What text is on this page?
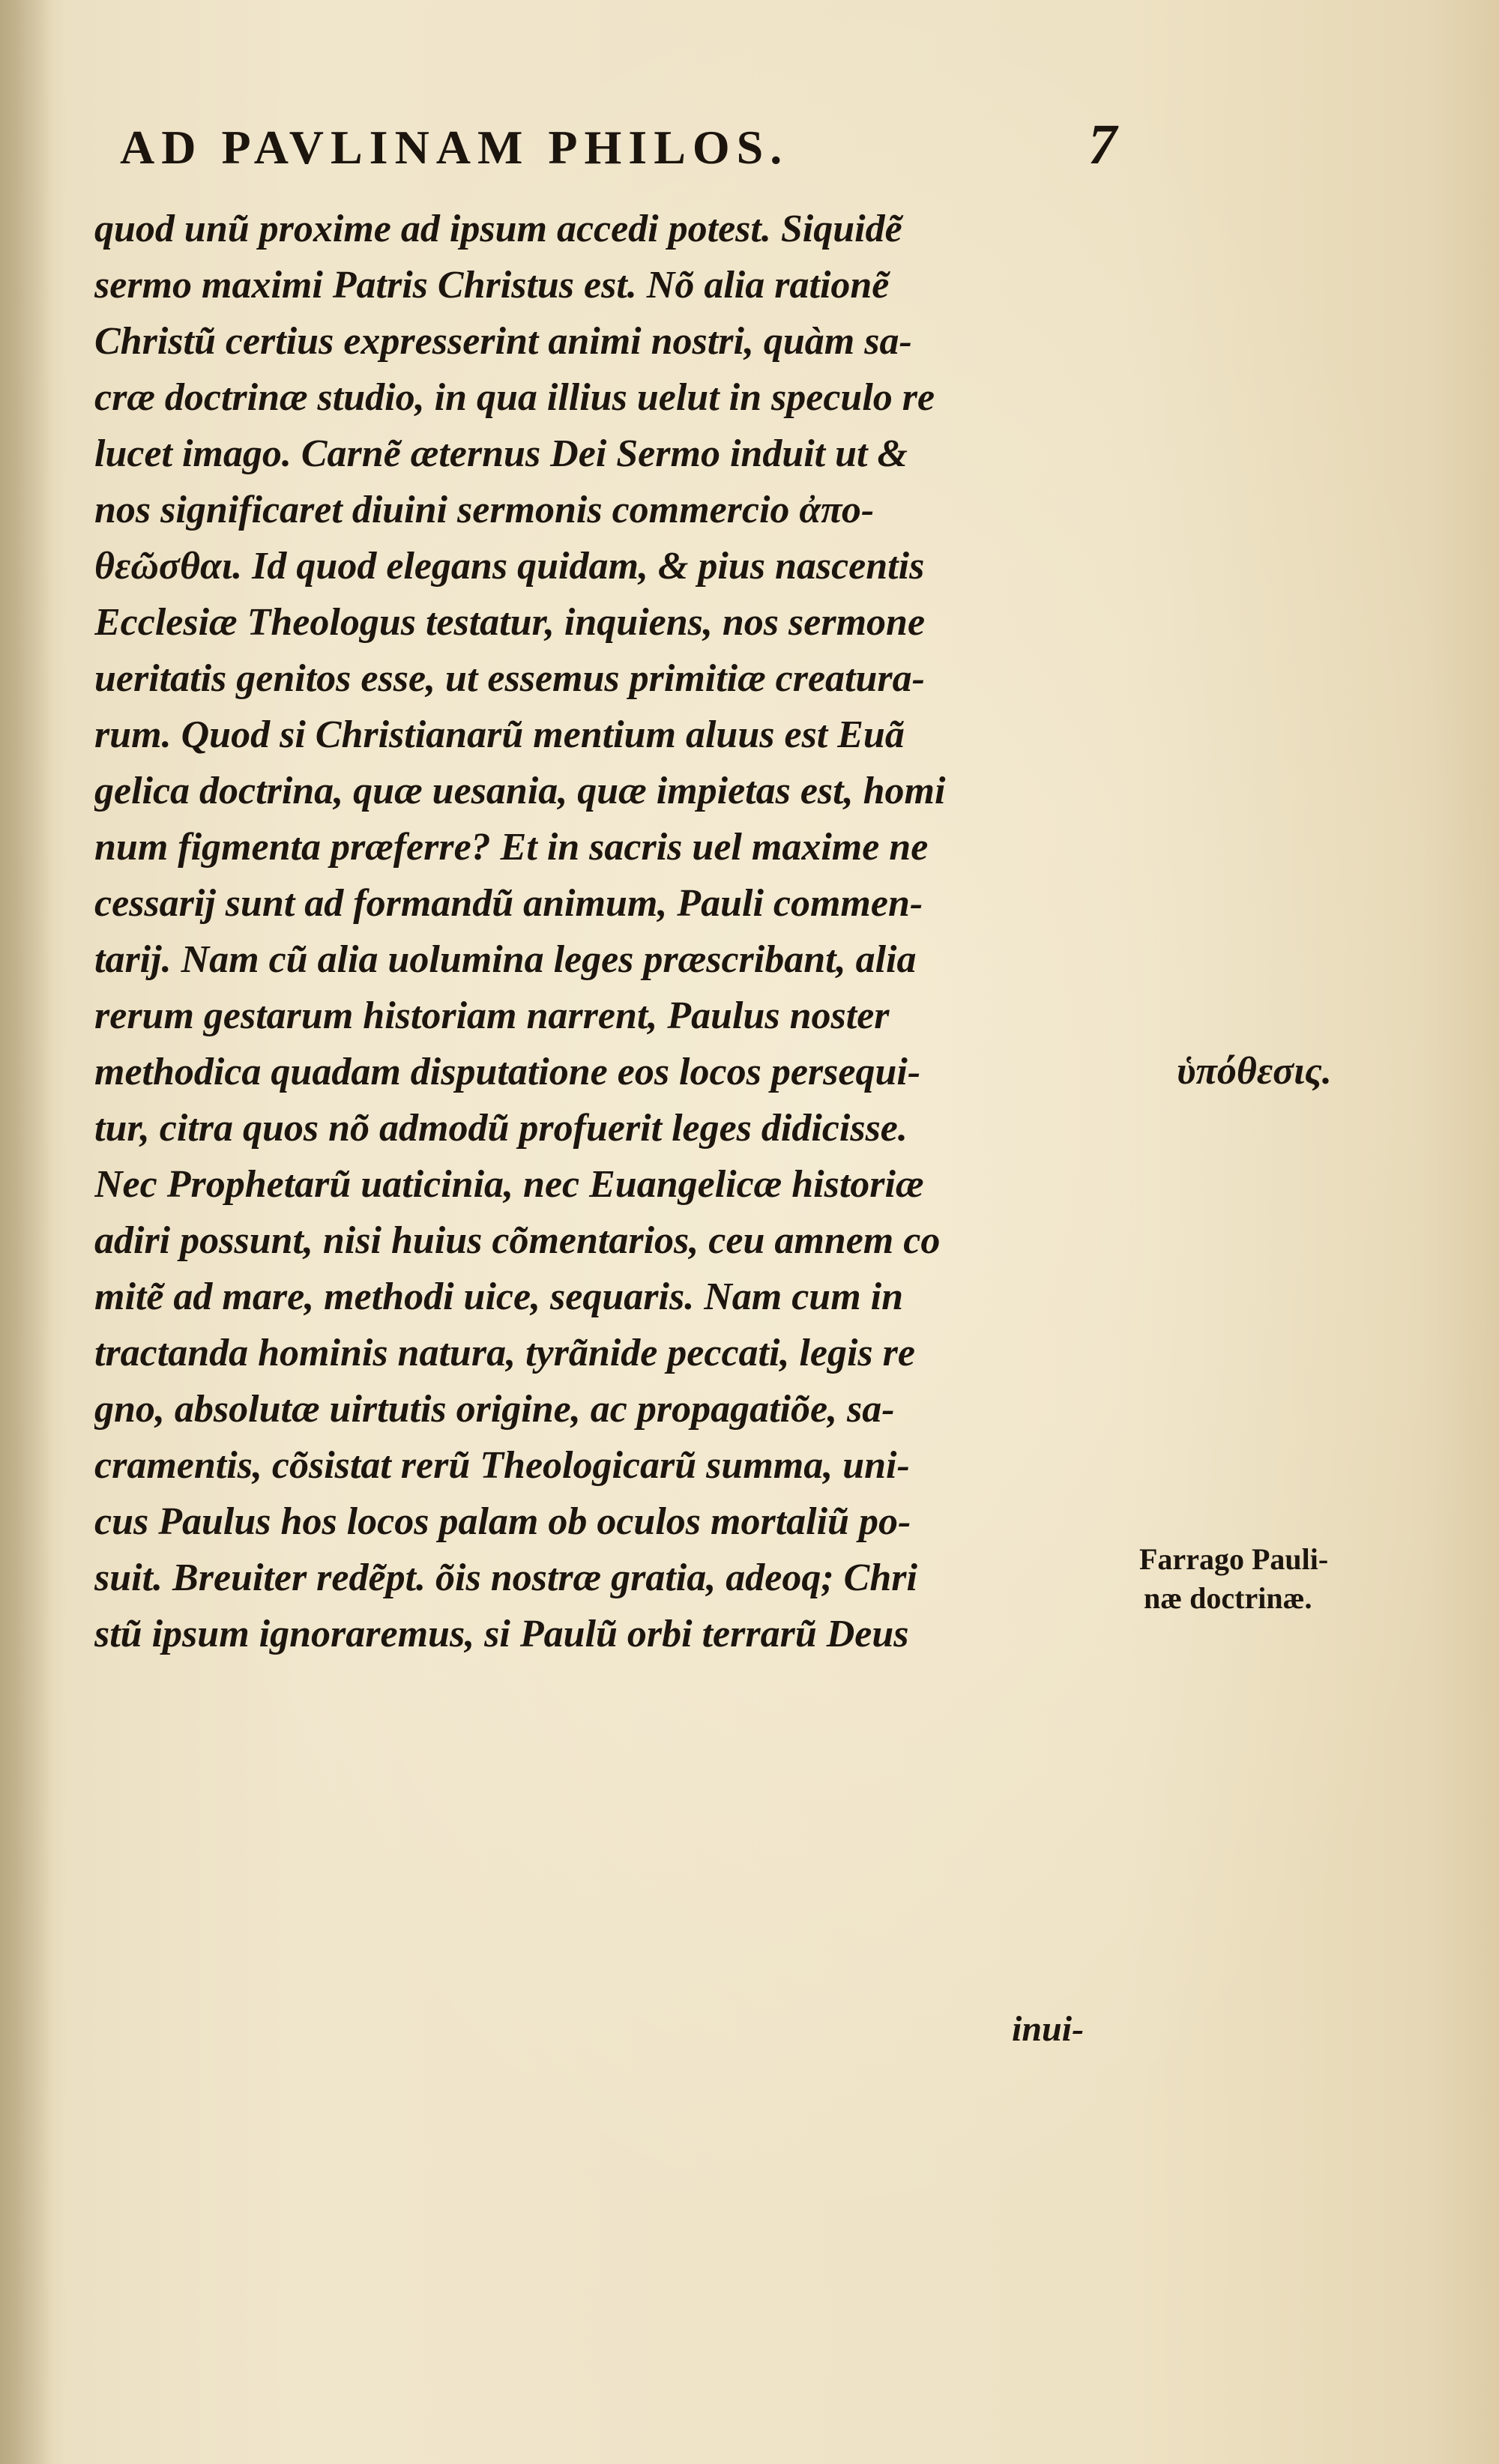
AD PAVLINAM PHILOS.	7
quod unũ proxime ad ipsum accedi potest. Siquidẽ
sermo maximi Patris Christus est. Nõ alia rationẽ
Christũ certius expresserint animi nostri, quàm sa-
cræ doctrinæ studio, in qua illius uelut in speculo re
lucet imago. Carnẽ æternus Dei Sermo induit ut &
nos significaret diuini sermonis commercio ἀπο-
θεῶσθαι. Id quod elegans quidam, & pius nascentis
Ecclesiæ Theologus testatur, inquiens, nos sermone
ueritatis genitos esse, ut essemus primitiæ creatura-
rum. Quod si Christianarũ mentium aluus est Euã
gelica doctrina, quæ uesania, quæ impietas est, homi
num figmenta præferre? Et in sacris uel maxime ne
cessarij sunt ad formandũ animum, Pauli commen-
tarij. Nam cũ alia uolumina leges præscribant, alia
rerum gestarum historiam narrent, Paulus noster
methodica quadam disputatione eos locos persequi-
tur, citra quos nõ admodũ profuerit leges didicisse.
Nec Prophetarũ uaticinia, nec Euangelicæ historiæ
adiri possunt, nisi huius cõmentarios, ceu amnem co
mitẽ ad mare, methodi uice, sequaris. Nam cum in
tractanda hominis natura, tyrãnide peccati, legis re
gno, absolutæ uirtutis origine, ac propagatiõe, sa-
cramentis, cõsistat rerũ Theologicarũ summa, uni-
cus Paulus hos locos palam ob oculos mortaliũ po-
suit. Breuiter redẽpt. õis nostræ gratia, adeoq; Chri
stũ ipsum ignoraremus, si Paulũ orbi terrarũ Deus
inui-
ὑπόθεσις.
Farrago Pauli-
næ doctrinæ.
